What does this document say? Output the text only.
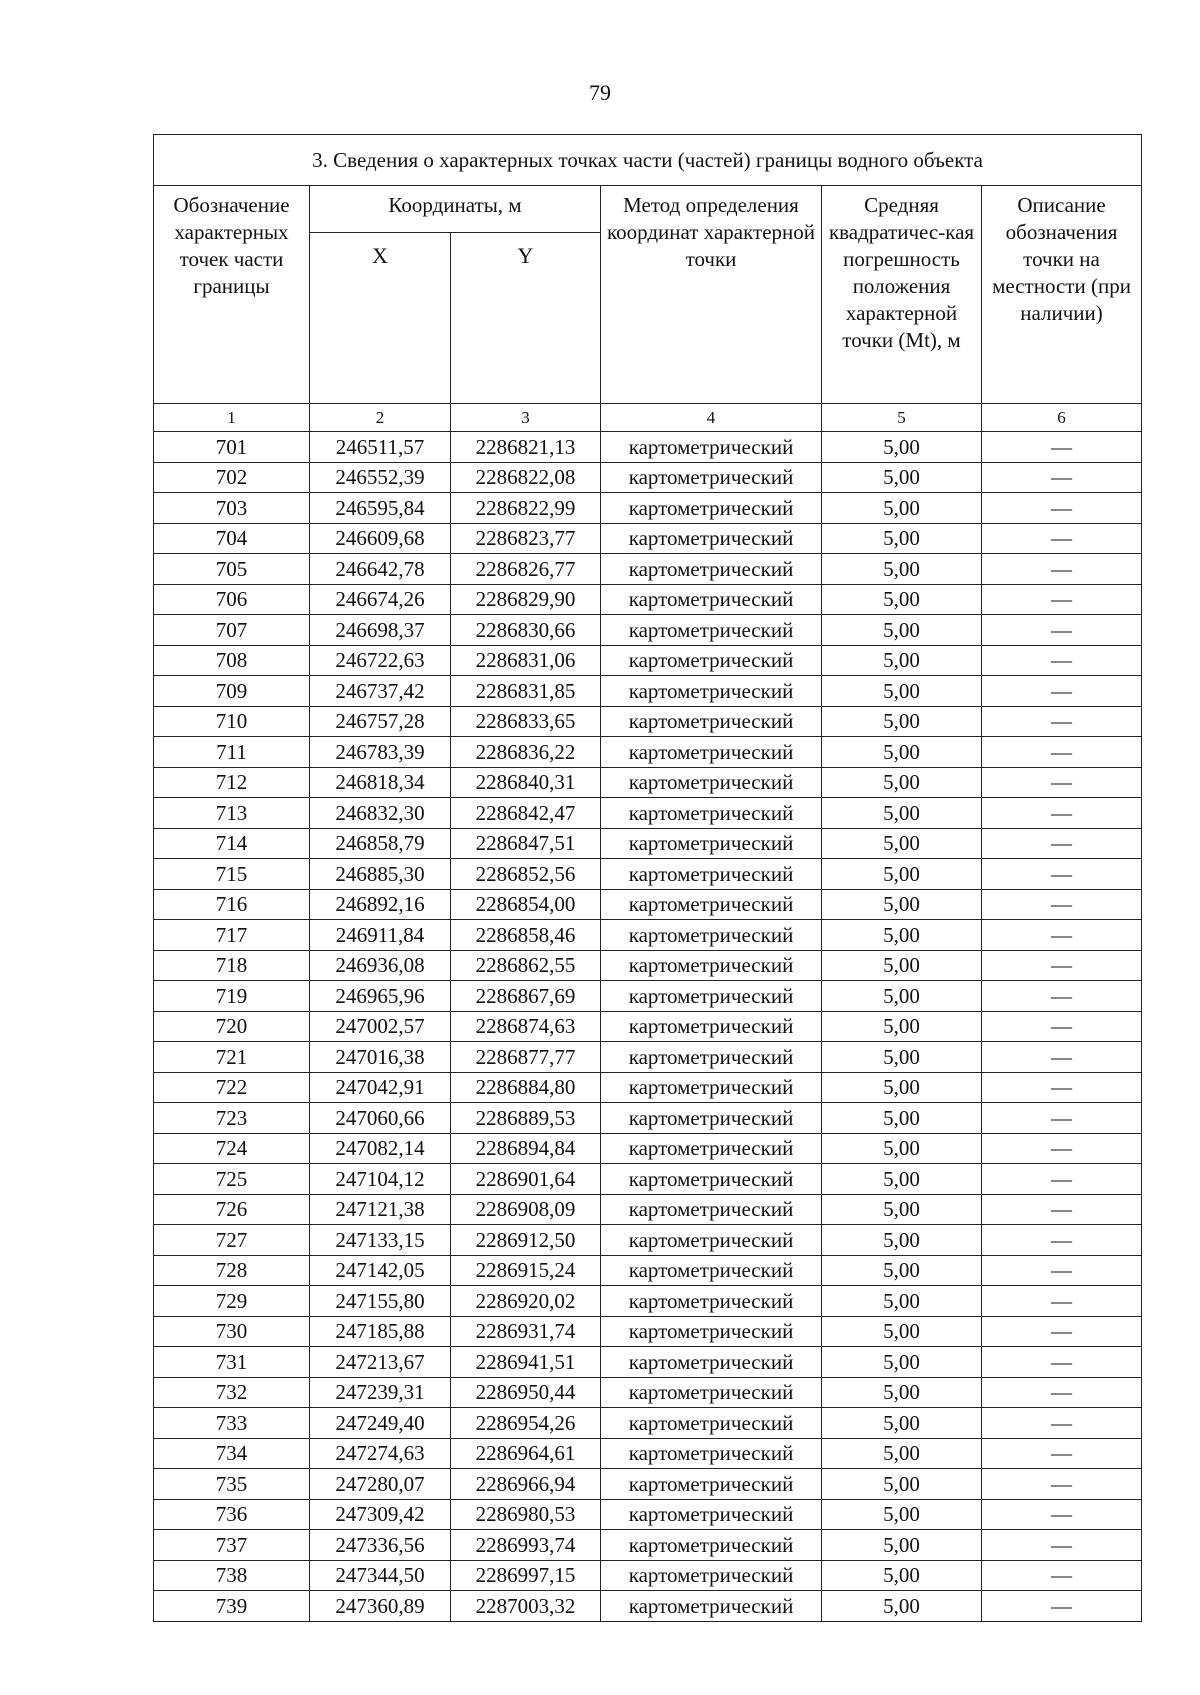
79
3. Сведения о характерных точках части (частей) границы водного объекта					
Обозначение характерных точек части границы	Координаты, м		Метод определения координат характерной точки	Средняя квадратичес-кая погрешность положения характерной точки (Mt), м	Описание обозначения точки на местности (при наличии)
	X	Y			
1	2	3	4	5	6
701	246511,57	2286821,13	картометрический	5,00	—
702	246552,39	2286822,08	картометрический	5,00	—
703	246595,84	2286822,99	картометрический	5,00	—
704	246609,68	2286823,77	картометрический	5,00	—
705	246642,78	2286826,77	картометрический	5,00	—
706	246674,26	2286829,90	картометрический	5,00	—
707	246698,37	2286830,66	картометрический	5,00	—
708	246722,63	2286831,06	картометрический	5,00	—
709	246737,42	2286831,85	картометрический	5,00	—
710	246757,28	2286833,65	картометрический	5,00	—
711	246783,39	2286836,22	картометрический	5,00	—
712	246818,34	2286840,31	картометрический	5,00	—
713	246832,30	2286842,47	картометрический	5,00	—
714	246858,79	2286847,51	картометрический	5,00	—
715	246885,30	2286852,56	картометрический	5,00	—
716	246892,16	2286854,00	картометрический	5,00	—
717	246911,84	2286858,46	картометрический	5,00	—
718	246936,08	2286862,55	картометрический	5,00	—
719	246965,96	2286867,69	картометрический	5,00	—
720	247002,57	2286874,63	картометрический	5,00	—
721	247016,38	2286877,77	картометрический	5,00	—
722	247042,91	2286884,80	картометрический	5,00	—
723	247060,66	2286889,53	картометрический	5,00	—
724	247082,14	2286894,84	картометрический	5,00	—
725	247104,12	2286901,64	картометрический	5,00	—
726	247121,38	2286908,09	картометрический	5,00	—
727	247133,15	2286912,50	картометрический	5,00	—
728	247142,05	2286915,24	картометрический	5,00	—
729	247155,80	2286920,02	картометрический	5,00	—
730	247185,88	2286931,74	картометрический	5,00	—
731	247213,67	2286941,51	картометрический	5,00	—
732	247239,31	2286950,44	картометрический	5,00	—
733	247249,40	2286954,26	картометрический	5,00	—
734	247274,63	2286964,61	картометрический	5,00	—
735	247280,07	2286966,94	картометрический	5,00	—
736	247309,42	2286980,53	картометрический	5,00	—
737	247336,56	2286993,74	картометрический	5,00	—
738	247344,50	2286997,15	картометрический	5,00	—
739	247360,89	2287003,32	картометрический	5,00	—
